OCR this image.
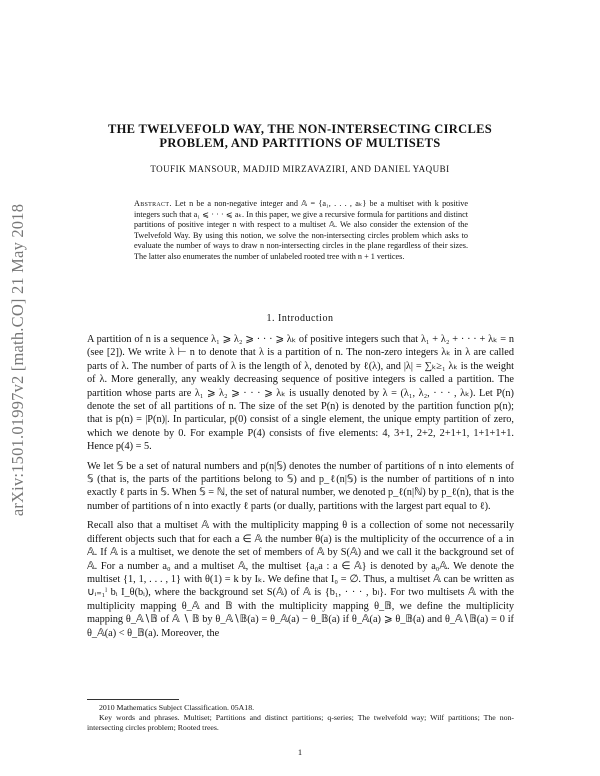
arXiv:1501.01997v2 [math.CO] 21 May 2018
THE TWELVEFOLD WAY, THE NON-INTERSECTING CIRCLES
PROBLEM, AND PARTITIONS OF MULTISETS
TOUFIK MANSOUR, MADJID MIRZAVAZIRI, AND DANIEL YAQUBI
Abstract. Let n be a non-negative integer and 𝔸 = {a₁, . . . , aₖ} be a multiset with k positive integers such that a₁ ⩽ · · · ⩽ aₖ. In this paper, we give a recursive formula for partitions and distinct partitions of positive integer n with respect to a multiset 𝔸. We also consider the extension of the Twelvefold Way. By using this notion, we solve the non-intersecting circles problem which asks to evaluate the number of ways to draw n non-intersecting circles in the plane regardless of their sizes. The latter also enumerates the number of unlabeled rooted tree with n + 1 vertices.
1. Introduction

A partition of n is a sequence λ₁ ⩾ λ₂ ⩾ · · · ⩾ λₖ of positive integers such that λ₁ + λ₂ + · · · + λₖ = n (see [2]). We write λ ⊢ n to denote that λ is a partition of n. The non-zero integers λₖ in λ are called parts of λ. The number of parts of λ is the length of λ, denoted by ℓ(λ), and |λ| = ∑ₖ≥₁ λₖ is the weight of λ. More generally, any weakly decreasing sequence of positive integers is called a partition. The partition whose parts are λ₁ ⩾ λ₂ ⩾ · · · ⩾ λₖ is usually denoted by λ = (λ₁, λ₂, · · · , λₖ). Let P(n) denote the set of all partitions of n. The size of the set P(n) is denoted by the partition function p(n); that is p(n) = |P(n)|. In particular, p(0) consist of a single element, the unique empty partition of zero, which we denote by 0. For example P(4) consists of five elements: 4, 3+1, 2+2, 2+1+1, 1+1+1+1. Hence p(4) = 5.

We let 𝕊 be a set of natural numbers and p(n|𝕊) denotes the number of partitions of n into elements of 𝕊 (that is, the parts of the partitions belong to 𝕊) and p_ℓ(n|𝕊) is the number of partitions of n into exactly ℓ parts in 𝕊. When 𝕊 = ℕ, the set of natural number, we denoted p_ℓ(n|ℕ) by p_ℓ(n), that is the number of partitions of n into exactly ℓ parts (or dually, partitions with the largest part equal to ℓ).

Recall also that a multiset 𝔸 with the multiplicity mapping θ is a collection of some not necessarily different objects such that for each a ∈ 𝔸 the number θ(a) is the multiplicity of the occurrence of a in 𝔸. If 𝔸 is a multiset, we denote the set of members of 𝔸 by S(𝔸) and we call it the background set of 𝔸. For a number a₀ and a multiset 𝔸, the multiset {a₀a : a ∈ 𝔸} is denoted by a₀𝔸. We denote the multiset {1, 1, . . . , 1} with θ(1) = k by Iₖ. We define that I₀ = ∅. Thus, a multiset 𝔸 can be written as ∪ᵢ₌₁ˡ bᵢ I_θ(bᵢ), where the background set S(𝔸) of 𝔸 is {b₁, · · · , bₗ}. For two multisets 𝔸 with the multiplicity mapping θ_𝔸 and 𝔹 with the multiplicity mapping θ_𝔹, we define the multiplicity mapping θ_𝔸∖𝔹 of 𝔸 ∖ 𝔹 by θ_𝔸∖𝔹(a) = θ_𝔸(a) − θ_𝔹(a) if θ_𝔸(a) ⩾ θ_𝔹(a) and θ_𝔸∖𝔹(a) = 0 if θ_𝔸(a) < θ_𝔹(a). Moreover, the

2010 Mathematics Subject Classification. 05A18.

Key words and phrases. Multiset; Partitions and distinct partitions; q-series; The twelvefold way; Wilf partitions; The non-intersecting circles problem; Rooted trees.

1
